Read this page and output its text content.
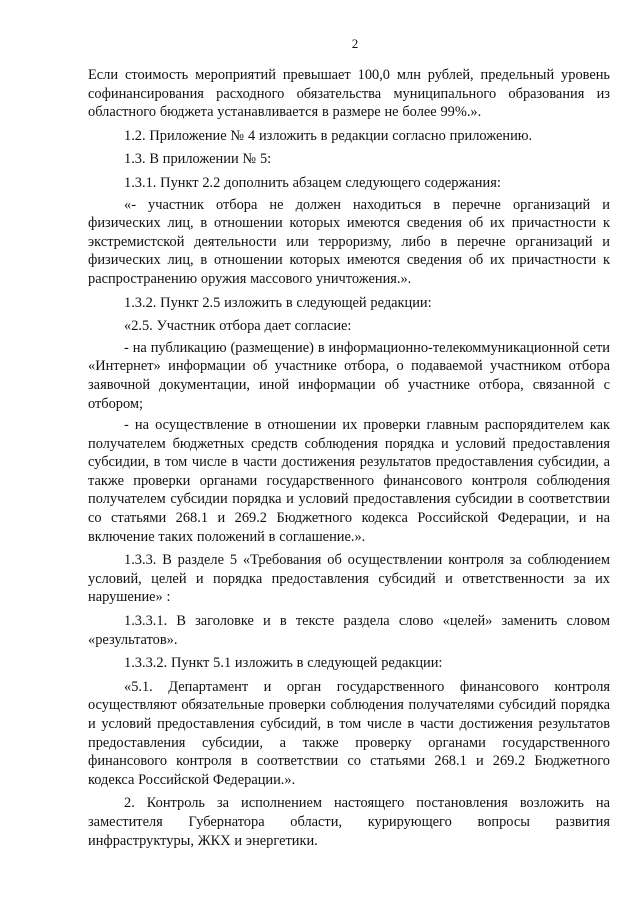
2

Если стоимость мероприятий превышает 100,0 млн рублей, предельный уровень софинансирования расходного обязательства муниципального образования из областного бюджета устанавливается в размере не более 99%.».

1.2. Приложение № 4 изложить в редакции согласно приложению.

1.3. В приложении № 5:

1.3.1. Пункт 2.2 дополнить абзацем следующего содержания:

«- участник отбора не должен находиться в перечне организаций и физических лиц, в отношении которых имеются сведения об их причастности к экстремистской деятельности или терроризму, либо в перечне организаций и физических лиц, в отношении которых имеются сведения об их причастности к распространению оружия массового уничтожения.».

1.3.2. Пункт 2.5 изложить в следующей редакции:

«2.5. Участник отбора дает согласие:

- на публикацию (размещение) в информационно-телекоммуникационной сети «Интернет» информации об участнике отбора, о подаваемой участником отбора заявочной документации, иной информации об участнике отбора, связанной с отбором;

- на осуществление в отношении их проверки главным распорядителем как получателем бюджетных средств соблюдения порядка и условий предоставления субсидии, в том числе в части достижения результатов предоставления субсидии, а также проверки органами государственного финансового контроля соблюдения получателем субсидии порядка и условий предоставления субсидии в соответствии со статьями 268.1 и 269.2 Бюджетного кодекса Российской Федерации, и на включение таких положений в соглашение.».

1.3.3. В разделе 5 «Требования об осуществлении контроля за соблюдением условий, целей и порядка предоставления субсидий и ответственности за их нарушение» :

1.3.3.1. В заголовке и в тексте раздела слово «целей» заменить словом «результатов».

1.3.3.2. Пункт 5.1 изложить в следующей редакции:

«5.1. Департамент и орган государственного финансового контроля осуществляют обязательные проверки соблюдения получателями субсидий порядка и условий предоставления субсидий, в том числе в части достижения результатов предоставления субсидии, а также проверку органами государственного финансового контроля в соответствии со статьями 268.1 и 269.2 Бюджетного кодекса Российской Федерации.».

2. Контроль за исполнением настоящего постановления возложить на заместителя Губернатора области, курирующего вопросы развития инфраструктуры, ЖКХ и энергетики.
